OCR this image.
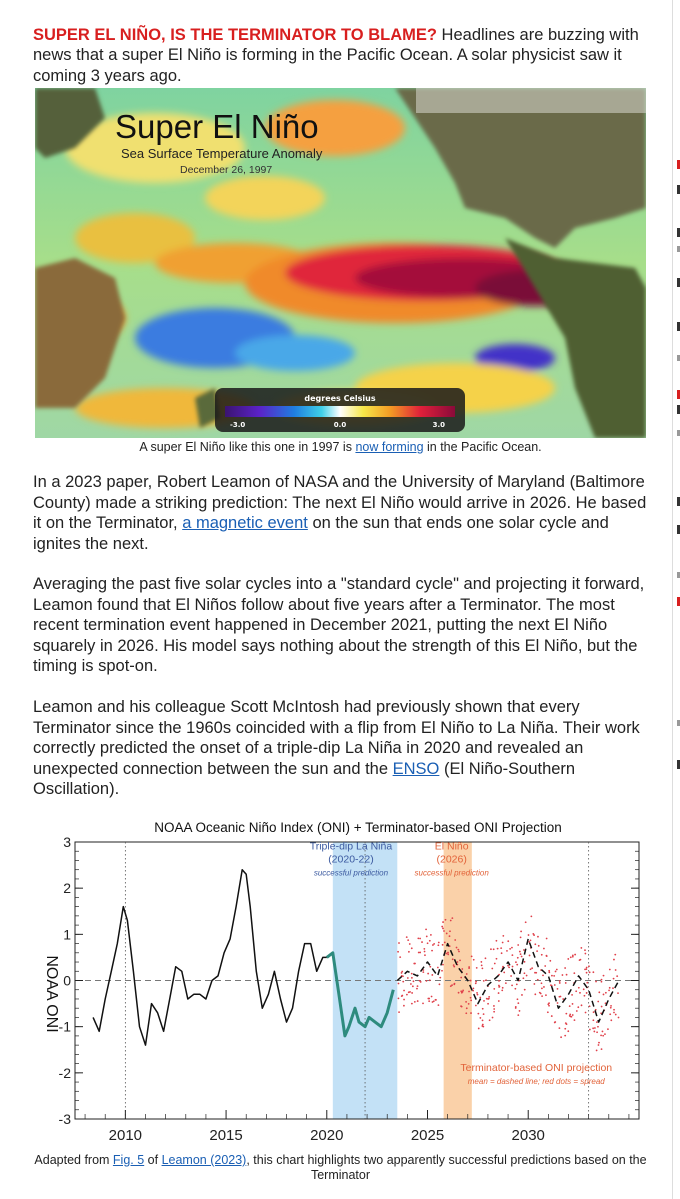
SUPER EL NIÑO, IS THE TERMINATOR TO BLAME? Headlines are buzzing with news that a super El Niño is forming in the Pacific Ocean. A solar physicist saw it coming 3 years ago.

Super El Niño
Sea Surface Temperature Anomaly
December 26, 1997
degrees Celsius
-3.0	0.0	3.0
A super El Niño like this one in 1997 is now forming in the Pacific Ocean.

In a 2023 paper, Robert Leamon of NASA and the University of Maryland (Baltimore County) made a striking prediction: The next El Niño would arrive in 2026. He based it on the Terminator, a magnetic event on the sun that ends one solar cycle and ignites the next.

Averaging the past five solar cycles into a "standard cycle" and projecting it forward, Leamon found that El Niños follow about five years after a Terminator. The most recent termination event happened in December 2021, putting the next El Niño squarely in 2026. His model says nothing about the strength of this El Niño, but the timing is spot-on.

Leamon and his colleague Scott McIntosh had previously shown that every Terminator since the 1960s coincided with a flip from El Niño to La Niña. Their work correctly predicted the onset of a triple-dip La Niña in 2020 and revealed an unexpected connection between the sun and the ENSO (El Niño-Southern Oscillation).

NOAA Oceanic Niño Index (ONI) + Terminator-based ONI Projection
NOAA ONI
-3
-2
-1
0
1
2
3
2010	2015	2020	2025	2030
Triple-dip La Niña
(2020-22)
successful prediction
El Niño
(2026)
successful prediction
Terminator-based ONI projection
mean = dashed line; red dots = spread
Adapted from Fig. 5 of Leamon (2023), this chart highlights two apparently successful predictions based on the Terminator
